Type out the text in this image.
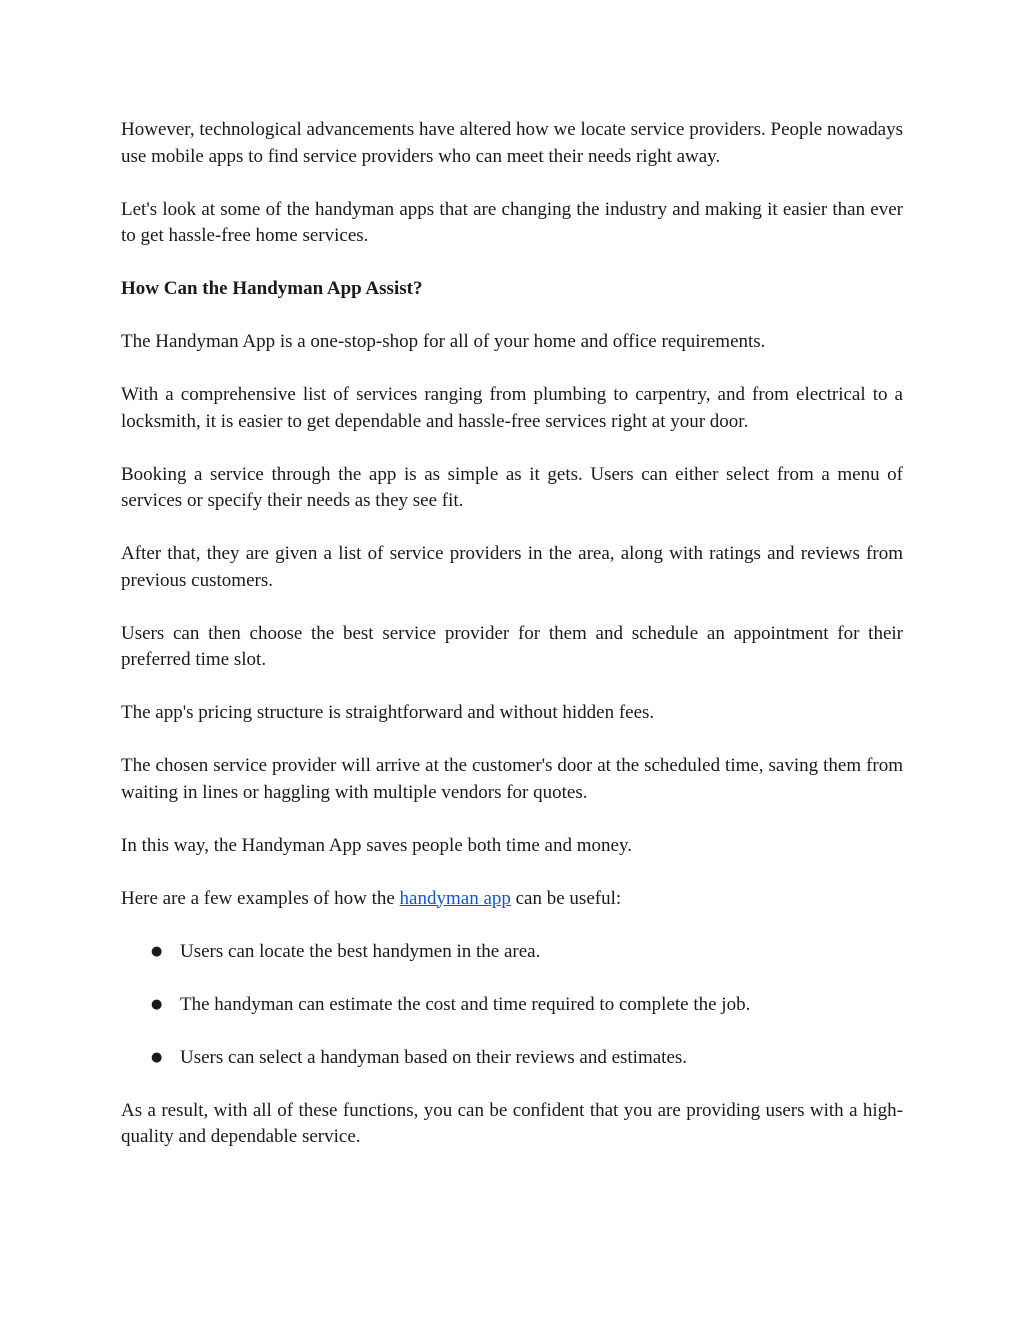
However, technological advancements have altered how we locate service providers. People nowadays use mobile apps to find service providers who can meet their needs right away.

Let's look at some of the handyman apps that are changing the industry and making it easier than ever to get hassle-free home services.

How Can the Handyman App Assist?

The Handyman App is a one-stop-shop for all of your home and office requirements.

With a comprehensive list of services ranging from plumbing to carpentry, and from electrical to a locksmith, it is easier to get dependable and hassle-free services right at your door.

Booking a service through the app is as simple as it gets. Users can either select from a menu of services or specify their needs as they see fit.

After that, they are given a list of service providers in the area, along with ratings and reviews from previous customers.

Users can then choose the best service provider for them and schedule an appointment for their preferred time slot.

The app's pricing structure is straightforward and without hidden fees.

The chosen service provider will arrive at the customer's door at the scheduled time, saving them from waiting in lines or haggling with multiple vendors for quotes.

In this way, the Handyman App saves people both time and money.

Here are a few examples of how the handyman app can be useful:

● Users can locate the best handymen in the area.
● The handyman can estimate the cost and time required to complete the job.
● Users can select a handyman based on their reviews and estimates.

As a result, with all of these functions, you can be confident that you are providing users with a high-quality and dependable service.
